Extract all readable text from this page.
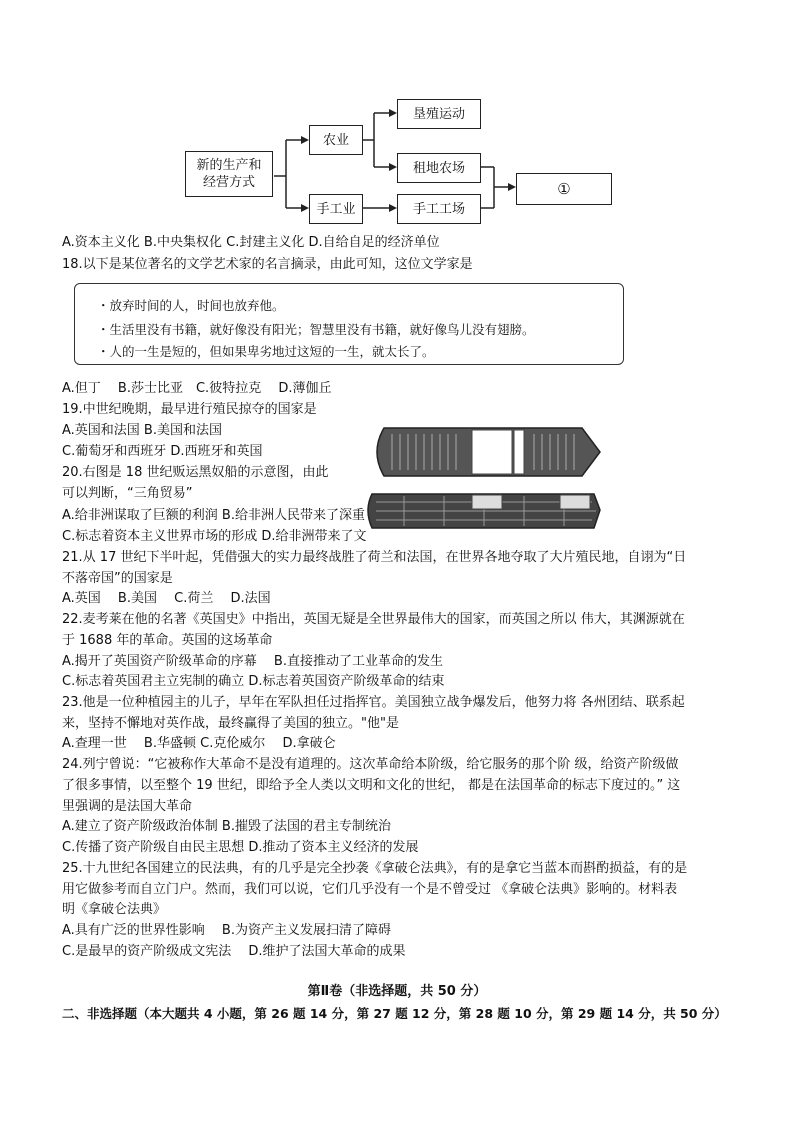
新的生产和经营方式
农业
手工业
垦殖运动
租地农场
手工工场
①
A.资本主义化 B.中央集权化 C.封建主义化 D.自给自足的经济单位
18.以下是某位著名的文学艺术家的名言摘录，由此可知，这位文学家是
・放弃时间的人，时间也放弃他。
・生活里没有书籍，就好像没有阳光；智慧里没有书籍，就好像鸟儿没有翅膀。
・人的一生是短的，但如果卑劣地过这短的一生，就太长了。
A.但丁　 B.莎士比亚　C.彼特拉克　 D.薄伽丘
19.中世纪晚期，最早进行殖民掠夺的国家是
A.英国和法国 B.美国和法国
C.葡萄牙和西班牙 D.西班牙和英国
20.右图是 18 世纪贩运黑奴船的示意图，由此
可以判断，“三角贸易”
A.给非洲谋取了巨额的利润 B.给非洲人民带来了深重
C.标志着资本主义世界市场的形成 D.给非洲带来了文
21.从 17 世纪下半叶起，凭借强大的实力最终战胜了荷兰和法国，在世界各地夺取了大片殖民地，自诩为“日
不落帝国”的国家是
A.英国　 B.美国　 C.荷兰　 D.法国
22.麦考莱在他的名著《英国史》中指出，英国无疑是全世界最伟大的国家，而英国之所以 伟大，其渊源就在
于 1688 年的革命。英国的这场革命
A.揭开了英国资产阶级革命的序幕　 B.直接推动了工业革命的发生
C.标志着英国君主立宪制的确立 D.标志着英国资产阶级革命的结束
23.他是一位种植园主的儿子，早年在军队担任过指挥官。美国独立战争爆发后，他努力将 各州团结、联系起
来，坚持不懈地对英作战，最终赢得了美国的独立。"他"是
A.查理一世　 B.华盛顿 C.克伦威尔　 D.拿破仑
24.列宁曾说：“它被称作大革命不是没有道理的。这次革命给本阶级，给它服务的那个阶 级，给资产阶级做
了很多事情，以至整个 19 世纪，即给予全人类以文明和文化的世纪， 都是在法国革命的标志下度过的。” 这
里强调的是法国大革命
A.建立了资产阶级政治体制 B.摧毁了法国的君主专制统治
C.传播了资产阶级自由民主思想 D.推动了资本主义经济的发展
25.十九世纪各国建立的民法典，有的几乎是完全抄袭《拿破仑法典》，有的是拿它当蓝本而斟酌损益，有的是
用它做参考而自立门户。然而，我们可以说，它们几乎没有一个是不曾受过 《拿破仑法典》影响的。材料表
明《拿破仑法典》
A.具有广泛的世界性影响　 B.为资产主义发展扫清了障碍
C.是最早的资产阶级成文宪法　 D.维护了法国大革命的成果
第Ⅱ卷（非选择题，共 50 分）
二、非选择题（本大题共 4 小题，第 26 题 14 分，第 27 题 12 分，第 28 题 10 分，第 29 题 14 分，共 50 分）
